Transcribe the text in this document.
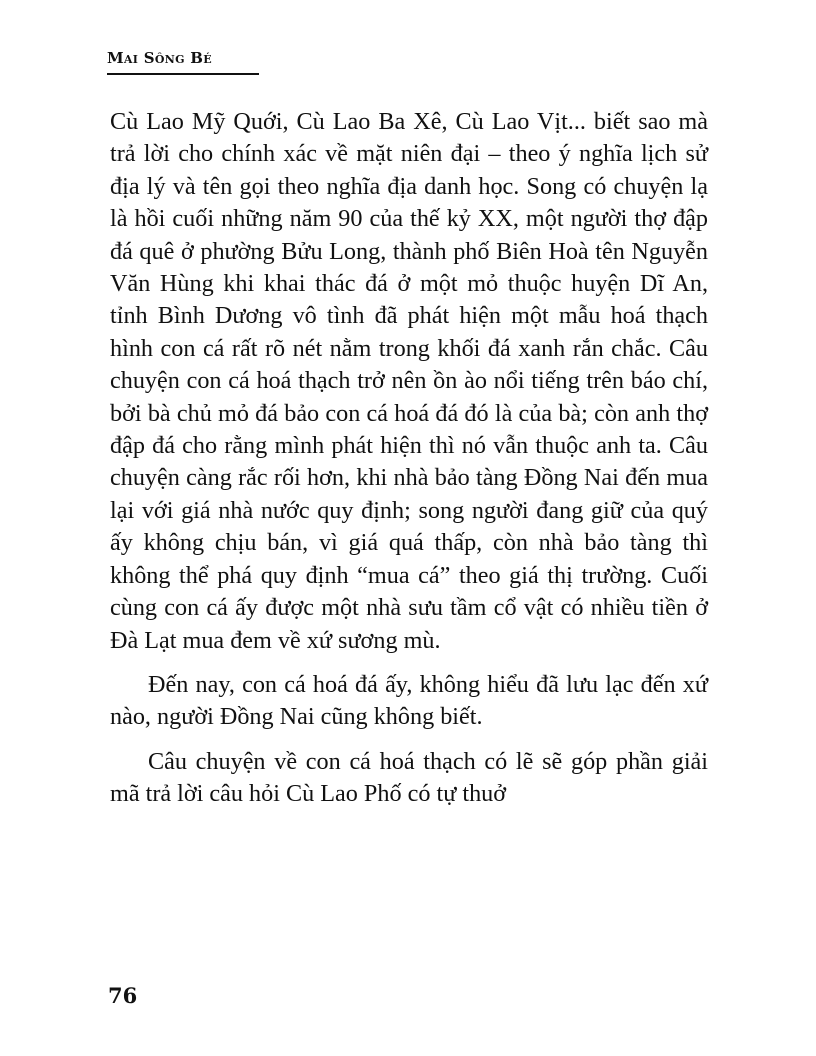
Mai Sông Bé

Cù Lao Mỹ Quới, Cù Lao Ba Xê, Cù Lao Vịt... biết sao mà trả lời cho chính xác về mặt niên đại – theo ý nghĩa lịch sử địa lý và tên gọi theo nghĩa địa danh học. Song có chuyện lạ là hồi cuối những năm 90 của thế kỷ XX, một người thợ đập đá quê ở phường Bửu Long, thành phố Biên Hoà tên Nguyễn Văn Hùng khi khai thác đá ở một mỏ thuộc huyện Dĩ An, tỉnh Bình Dương vô tình đã phát hiện một mẫu hoá thạch hình con cá rất rõ nét nằm trong khối đá xanh rắn chắc. Câu chuyện con cá hoá thạch trở nên ồn ào nổi tiếng trên báo chí, bởi bà chủ mỏ đá bảo con cá hoá đá đó là của bà; còn anh thợ đập đá cho rằng mình phát hiện thì nó vẫn thuộc anh ta. Câu chuyện càng rắc rối hơn, khi nhà bảo tàng Đồng Nai đến mua lại với giá nhà nước quy định; song người đang giữ của quý ấy không chịu bán, vì giá quá thấp, còn nhà bảo tàng thì không thể phá quy định “mua cá” theo giá thị trường. Cuối cùng con cá ấy được một nhà sưu tầm cổ vật có nhiều tiền ở Đà Lạt mua đem về xứ sương mù.

Đến nay, con cá hoá đá ấy, không hiểu đã lưu lạc đến xứ nào, người Đồng Nai cũng không biết.

Câu chuyện về con cá hoá thạch có lẽ sẽ góp phần giải mã trả lời câu hỏi Cù Lao Phố có tự thuở

76
